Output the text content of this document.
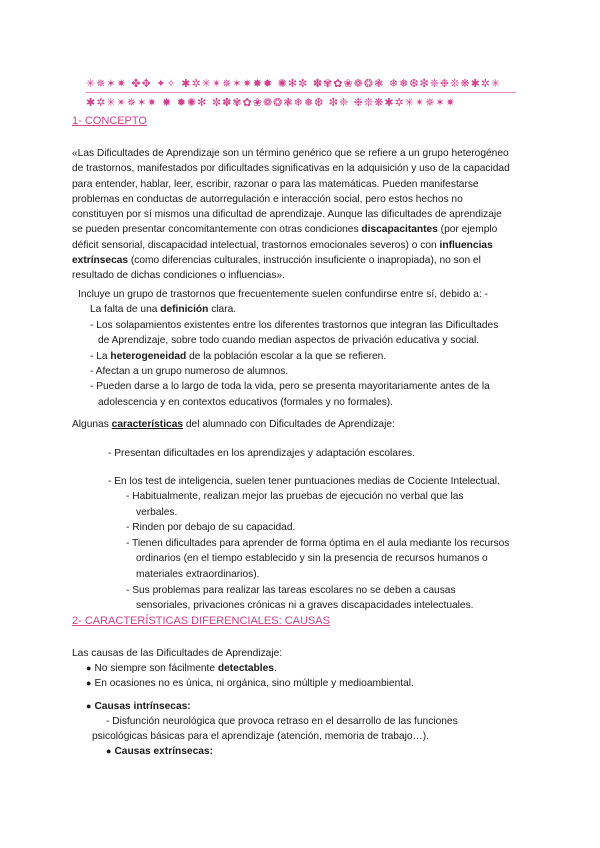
✳✵✶✷ ✤✥ ✦✧ ✱✲✳✴✵✶✷✸✹ ✺✻✼ ✽✾✿❀❁❂❃ ❄❅❆❇❈❉❊❋✱✲✳
✱✲✳✴✵✶✷ ✸ ✹✺✻ ✼✽✾✿❀❁❂❃❄❅❆ ❇❈ ❉❊❋✱✲✳✴✵✶✷
1- CONCEPTO
«Las Dificultades de Aprendizaje son un término genérico que se refiere a un grupo heterogéneo
de trastornos, manifestados por dificultades significativas en la adquisición y uso de la capacidad
para entender, hablar, leer, escribir, razonar o para las matemáticas. Pueden manifestarse
problemas en conductas de autorregulación e interacción social, pero estos hechos no
constituyen por sí mismos una dificultad de aprendizaje. Aunque las dificultades de aprendizaje
se pueden presentar concomitantemente con otras condiciones discapacitantes (por ejemplo
déficit sensorial, discapacidad intelectual, trastornos emocionales severos) o con influencias
extrínsecas (como diferencias culturales, instrucción insuficiente o inapropiada), no son el
resultado de dichas condiciones o influencias».
Incluye un grupo de trastornos que frecuentemente suelen confundirse entre sí, debido a: -
La falta de una definición clara.
- Los solapamientos existentes entre los diferentes trastornos que integran las Dificultades
de Aprendizaje, sobre todo cuando median aspectos de privación educativa y social.
- La heterogeneidad de la población escolar a la que se refieren.
- Afectan a un grupo numeroso de alumnos.
- Pueden darse a lo largo de toda la vida, pero se presenta mayoritariamente antes de la
adolescencia y en contextos educativos (formales y no formales).
Algunas características del alumnado con Dificultades de Aprendizaje:
- Presentan dificultades en los aprendizajes y adaptación escolares.
- En los test de inteligencia, suelen tener puntuaciones medias de Cociente Intelectual.
- Habitualmente, realizan mejor las pruebas de ejecución no verbal que las
verbales.
- Rinden por debajo de su capacidad.
- Tienen dificultades para aprender de forma óptima en el aula mediante los recursos
ordinarios (en el tiempo establecido y sin la presencia de recursos humanos o
materiales extraordinarios).
- Sus problemas para realizar las tareas escolares no se deben a causas
sensoriales, privaciones crónicas ni a graves discapacidades intelectuales.
2- CARACTERÍSTICAS DIFERENCIALES: CAUSAS
Las causas de las Dificultades de Aprendizaje:
● No siempre son fácilmente detectables.
● En ocasiones no es única, ni orgánica, sino múltiple y medioambiental.
● Causas intrínsecas:
- Disfunción neurológica que provoca retraso en el desarrollo de las funciones
psicológicas básicas para el aprendizaje (atención, memoria de trabajo…).
● Causas extrínsecas:
